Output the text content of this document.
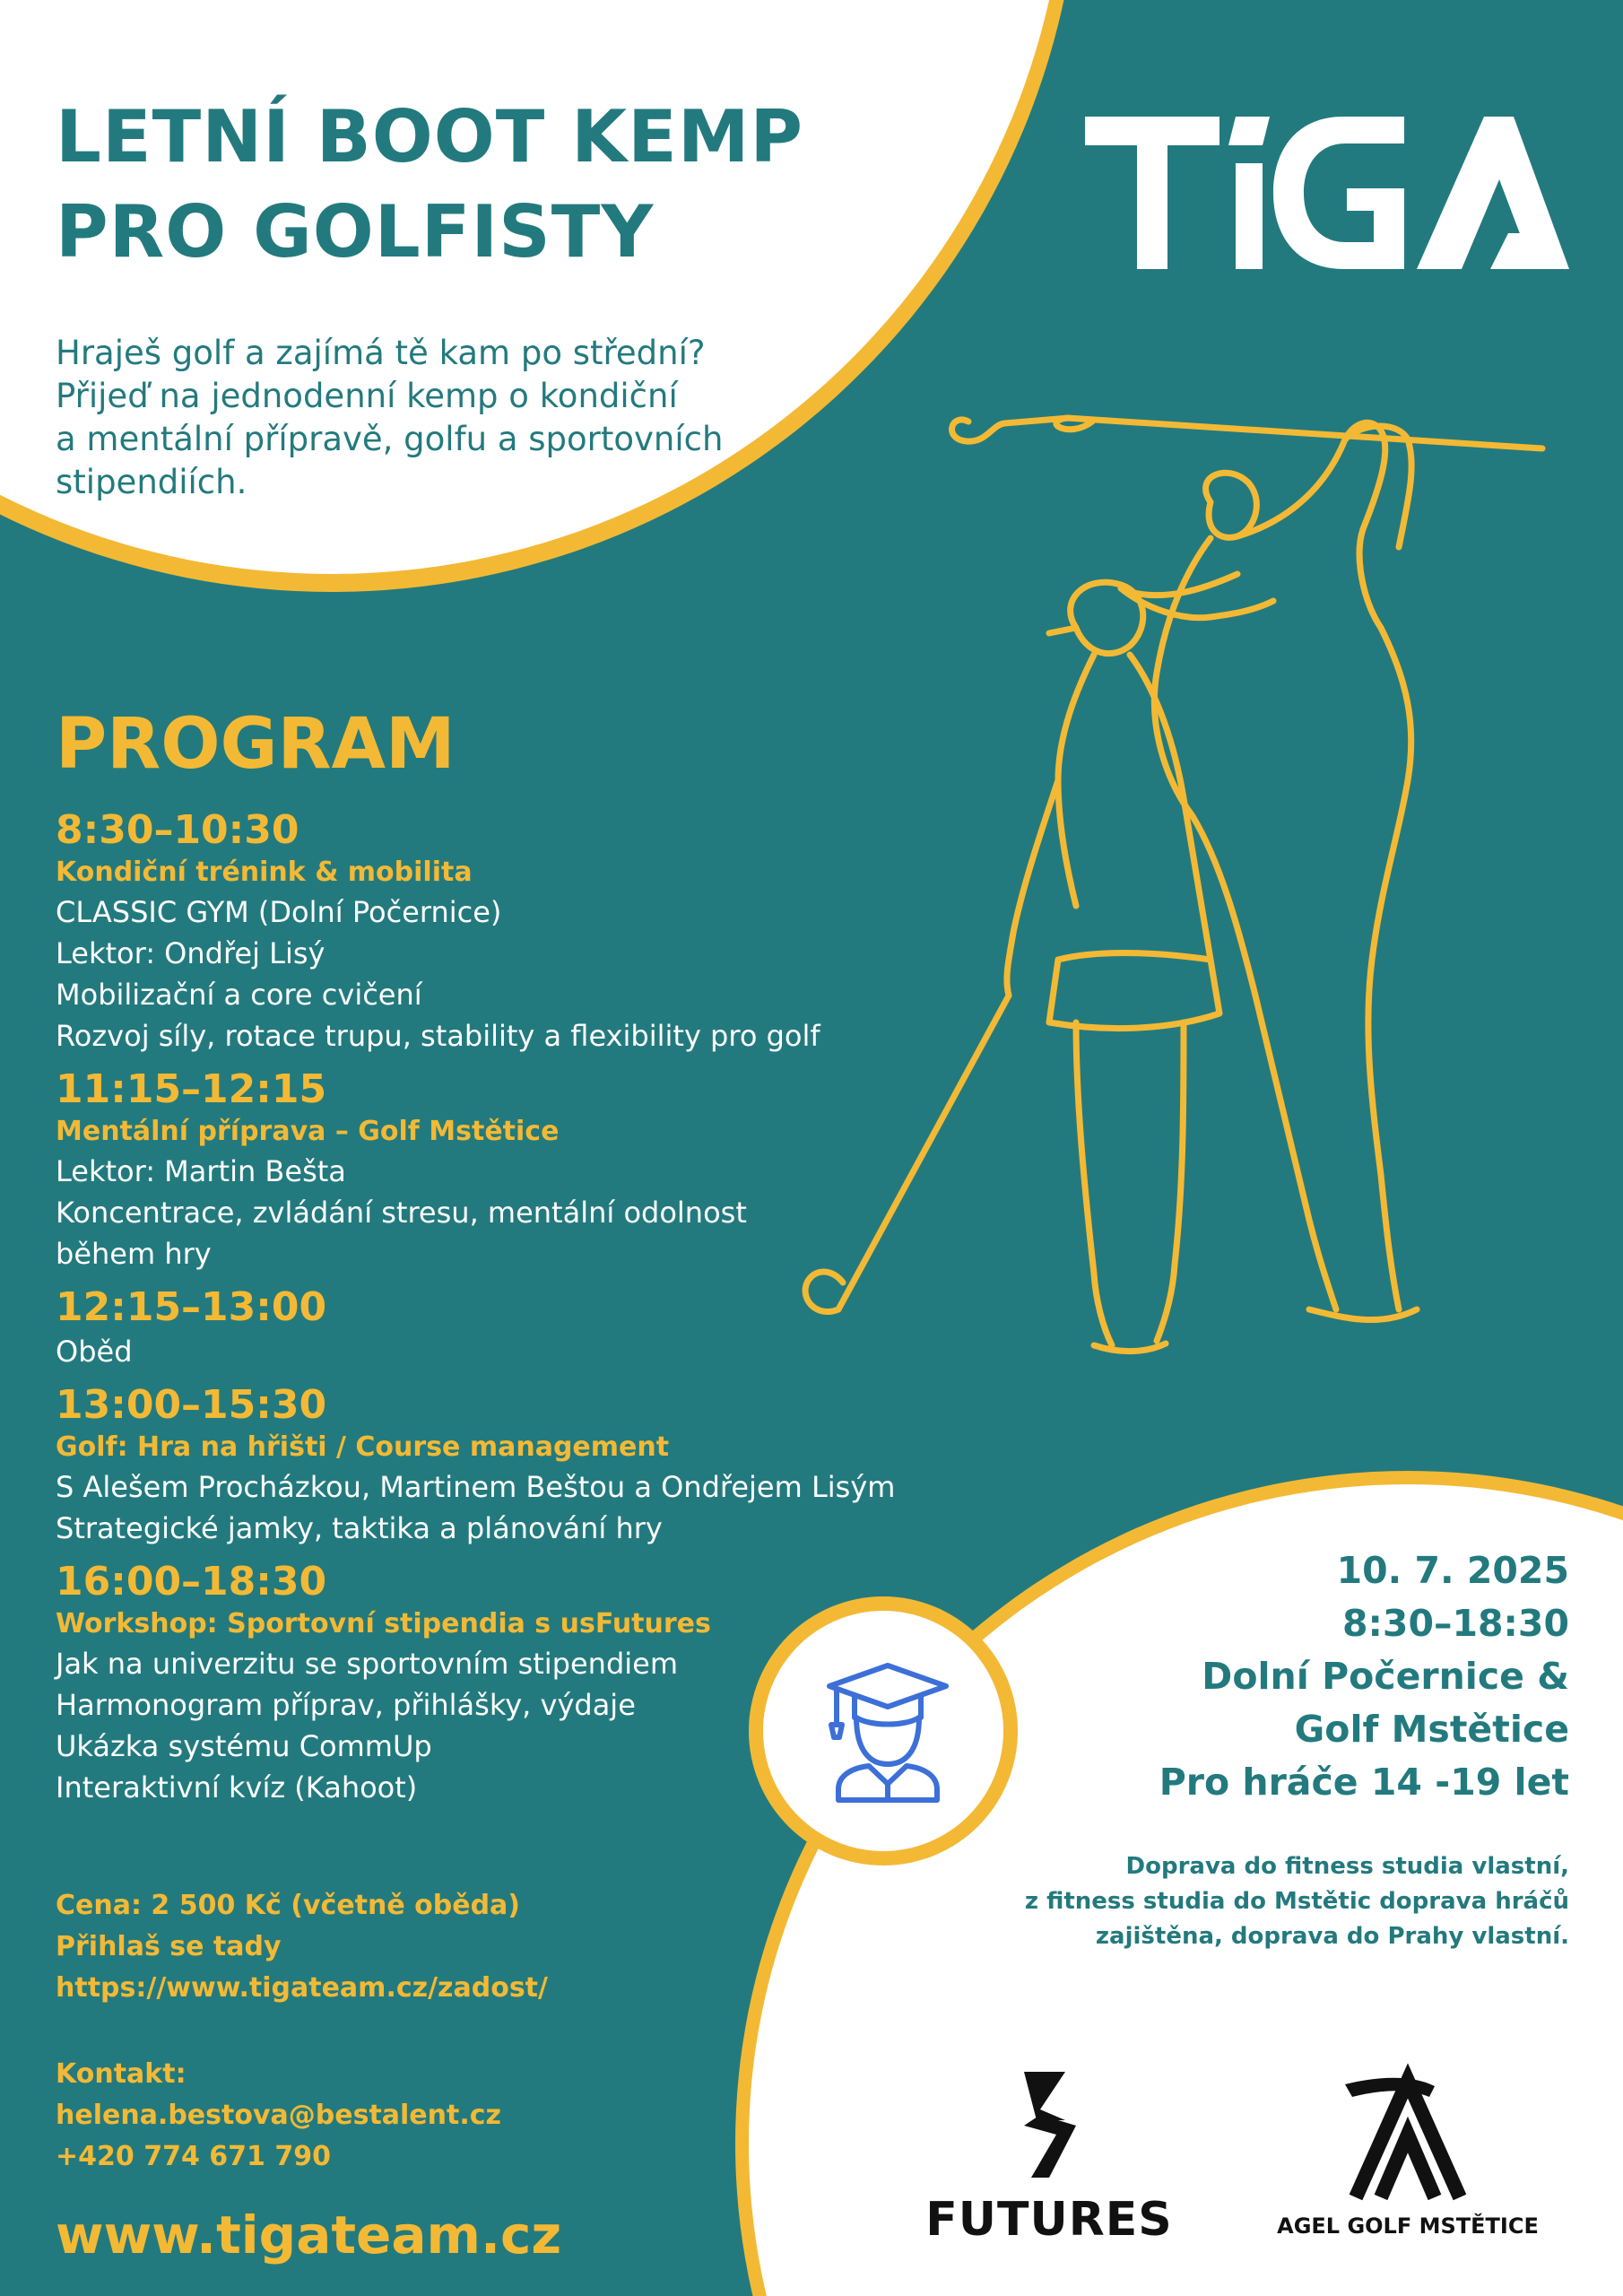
LETNÍ BOOT KEMP
PRO GOLFISTY
Hraješ golf a zajímá tě kam po střední?
Přijeď na jednodenní kemp o kondiční
a mentální přípravě, golfu a sportovních
stipendiích.
PROGRAM
8:30–10:30
Kondiční trénink & mobilita
CLASSIC GYM (Dolní Počernice)
Lektor: Ondřej Lisý
Mobilizační a core cvičení
Rozvoj síly, rotace trupu, stability a flexibility pro golf
11:15–12:15
Mentální příprava – Golf Mstětice
Lektor: Martin Bešta
Koncentrace, zvládání stresu, mentální odolnost
během hry
12:15–13:00
Oběd
13:00–15:30
Golf: Hra na hřišti / Course management
S Alešem Procházkou, Martinem Beštou a Ondřejem Lisým
Strategické jamky, taktika a plánování hry
16:00–18:30
Workshop: Sportovní stipendia s usFutures
Jak na univerzitu se sportovním stipendiem
Harmonogram příprav, přihlášky, výdaje
Ukázka systému CommUp
Interaktivní kvíz (Kahoot)
Cena: 2 500 Kč (včetně oběda)
Přihlaš se tady
https://www.tigateam.cz/zadost/
Kontakt:
helena.bestova@bestalent.cz
+420 774 671 790
www.tigateam.cz
10. 7. 2025
8:30–18:30
Dolní Počernice &
Golf Mstětice
Pro hráče 14 -19 let
Doprava do fitness studia vlastní,
z fitness studia do Mstětic doprava hráčů
zajištěna, doprava do Prahy vlastní.
FUTURES	AGEL GOLF MSTĚTICE
